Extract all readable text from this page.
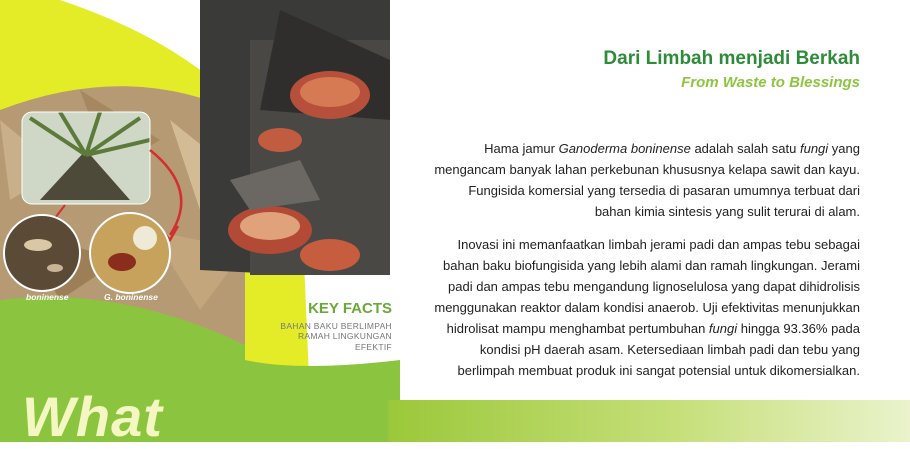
boninense	G. boninense
What
KEY FACTS
BAHAN BAKU BERLIMPAH
RAMAH LINGKUNGAN
EFEKTIF
Dari Limbah menjadi Berkah
From Waste to Blessings
Hama jamur Ganoderma boninense adalah salah satu fungi yang
mengancam banyak lahan perkebunan khususnya kelapa sawit dan kayu.
Fungisida komersial yang tersedia di pasaran umumnya terbuat dari
bahan kimia sintesis yang sulit terurai di alam.
Inovasi ini memanfaatkan limbah jerami padi dan ampas tebu sebagai
bahan baku biofungisida yang lebih alami dan ramah lingkungan. Jerami
padi dan ampas tebu mengandung lignoselulosa yang dapat dihidrolisis
menggunakan reaktor dalam kondisi anaerob. Uji efektivitas menunjukkan
hidrolisat mampu menghambat pertumbuhan fungi hingga 93.36% pada
kondisi pH daerah asam. Ketersediaan limbah padi dan tebu yang
berlimpah membuat produk ini sangat potensial untuk dikomersialkan.
